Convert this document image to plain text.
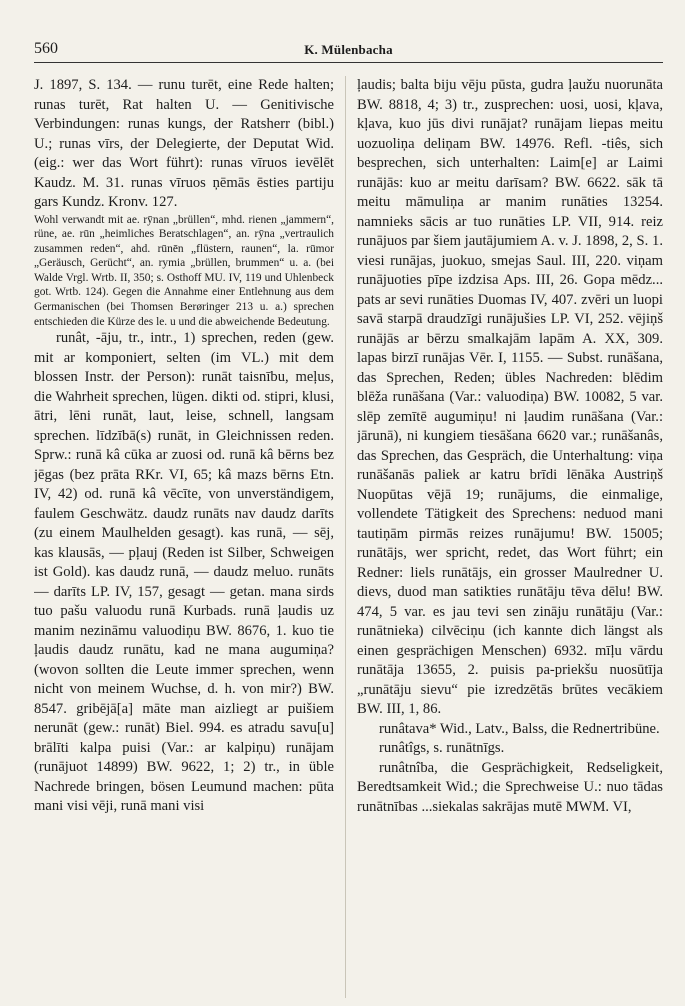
560	K. Mülenbacha

J. 1897, S. 134. — runu turēt, eine Rede halten; runas turēt, Rat halten U. — Genitivische Verbindungen: runas kungs, der Ratsherr (bibl.) U.; runas vīrs, der Delegierte, der Deputat Wid. (eig.: wer das Wort führt): runas vīruos ievēlēt Kaudz. M. 31. runas vīruos ņēmās ēsties partiju gars Kundz. Kronv. 127.

Wohl verwandt mit ae. rȳnan „brüllen“, mhd. rienen „jammern“, rüne, ae. rūn „heimliches Beratschlagen“, an. rȳna „vertraulich zusammen reden“, ahd. rūnēn „flüstern, raunen“, la. rūmor „Geräusch, Gerücht“, an. rymia „brüllen, brummen“ u. a. (bei Walde Vrgl. Wrtb. II, 350; s. Osthoff MU. IV, 119 und Uhlenbeck got. Wrtb. 124). Gegen die Annahme einer Entlehnung aus dem Germanischen (bei Thomsen Berøringer 213 u. a.) sprechen entschieden die Kürze des le. u und die abweichende Bedeutung.

runât, -āju, tr., intr., 1) sprechen, reden (gew. mit ar komponiert, selten (im VL.) mit dem blossen Instr. der Person): runāt taisnību, meļus, die Wahrheit sprechen, lügen. dikti od. stipri, klusi, ātri, lēni runāt, laut, leise, schnell, langsam sprechen. līdzībā(s) runāt, in Gleichnissen reden. Sprw.: runā kâ cūka ar zuosi od. runā kâ bērns bez jēgas (bez prāta RKr. VI, 65; kâ mazs bērns Etn. IV, 42) od. runā kâ vēcīte, von unverständigem, faulem Geschwätz. daudz runāts nav daudz darīts (zu einem Maulhelden gesagt). kas runā, — sēj, kas klausās, — pļauj (Reden ist Silber, Schweigen ist Gold). kas daudz runā, — daudz meluo. runāts — darīts LP. IV, 157, gesagt — getan. mana sirds tuo pašu valuodu runā Kurbads. runā ļaudis uz manim nezināmu valuodiņu BW. 8676, 1. kuo tie ļaudis daudz runātu, kad ne mana augumiņa? (wovon sollten die Leute immer sprechen, wenn nicht von meinem Wuchse, d. h. von mir?) BW. 8547. gribējā[a] māte man aizliegt ar puišiem nerunāt (gew.: runāt) Biel. 994. es atradu savu[u] brālīti kalpa puisi (Var.: ar kalpiņu) runājam (runājuot 14899) BW. 9622, 1; 2) tr., in üble Nachrede bringen, bösen Leumund machen: pūta mani visi vēji, runā mani visi

ļaudis; balta biju vēju pūsta, gudra ļaužu nuorunāta BW. 8818, 4; 3) tr., zusprechen: uosi, uosi, kļava, kļava, kuo jūs divi runājat? runājam liepas meitu uozuoliņa deliņam BW. 14976. Refl. -tiês, sich besprechen, sich unterhalten: Laim[e] ar Laimi runājās: kuo ar meitu darīsam? BW. 6622. sāk tā meitu māmuliņa ar manim runāties 13254. namnieks sācis ar tuo runāties LP. VII, 914. reiz runājuos par šiem jautājumiem A. v. J. 1898, 2, S. 1. viesi runājas, juokuo, smejas Saul. III, 220. viņam runājuoties pīpe izdzisa Aps. III, 26. Gopa mēdz... pats ar sevi runāties Duomas IV, 407. zvēri un luopi savā starpā draudzīgi runājušies LP. VI, 252. vējiņš runājās ar bērzu smalkajām lapām A. XX, 309. lapas birzī runājas Vēr. I, 1155. — Subst. runāšana, das Sprechen, Reden; übles Nachreden: blēdim blēža runāšana (Var.: valuodiņa) BW. 10082, 5 var. slēp zemītē augumiņu! ni ļaudim runāšana (Var.: jārunā), ni kungiem tiesāšana 6620 var.; runāšanâs, das Sprechen, das Gespräch, die Unterhaltung: viņa runāšanās paliek ar katru brīdi lēnāka Austriņš Nuopūtas vējā 19; runājums, die einmalige, vollendete Tätigkeit des Sprechens: neduod mani tautiņām pirmās reizes runājumu! BW. 15005; runātājs, wer spricht, redet, das Wort führt; ein Redner: liels runātājs, ein grosser Maulredner U. dievs, duod man satikties runātāju tēva dēlu! BW. 474, 5 var. es jau tevi sen zināju runātāju (Var.: runātnieka) cilvēciņu (ich kannte dich längst als einen gesprächigen Menschen) 6932. mīļu vārdu runātāja 13655, 2. puisis pa-priekšu nuosūtīja „runātāju sievu“ pie izredzētās brūtes vecākiem BW. III, 1, 86.

runâtava* Wid., Latv., Balss, die Rednertribüne.

runâtîgs, s. runātnīgs.

runâtnîba, die Gesprächigkeit, Redseligkeit, Beredtsamkeit Wid.; die Sprechweise U.: nuo tādas runātnības ...siekalas sakrājas mutē MWM. VI,
